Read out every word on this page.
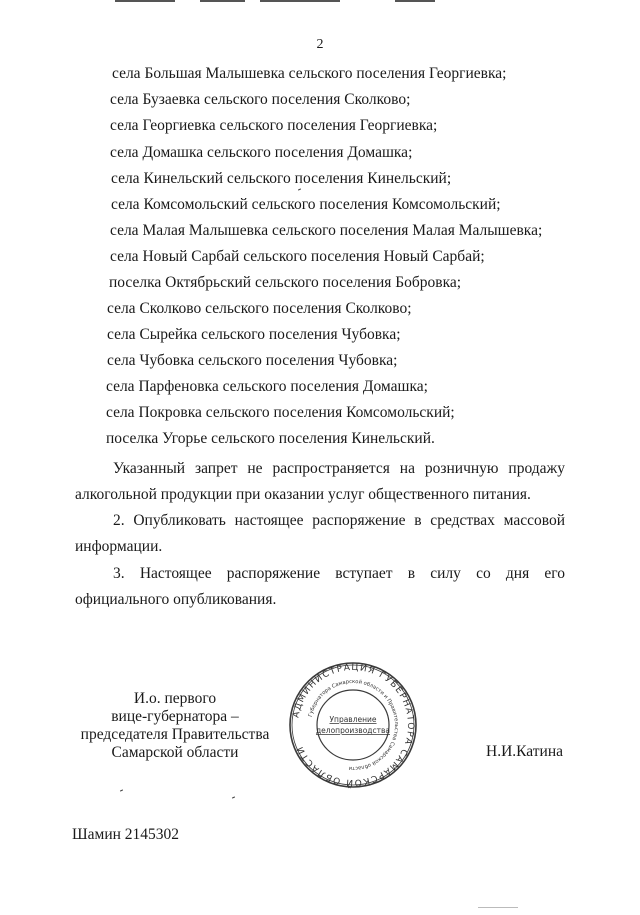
2
села Большая Малышевка сельского поселения Георгиевка;
села Бузаевка сельского поселения Сколково;
села Георгиевка сельского поселения Георгиевка;
села Домашка сельского поселения Домашка;
села Кинельский сельского поселения Кинельский;
села Комсомольский сельского поселения Комсомольский;
села Малая Малышевка сельского поселения Малая Малышевка;
села Новый Сарбай сельского поселения Новый Сарбай;
поселка Октябрьский сельского поселения Бобровка;
села Сколково сельского поселения Сколково;
села Сырейка сельского поселения Чубовка;
села Чубовка сельского поселения Чубовка;
села Парфеновка сельского поселения Домашка;
села Покровка сельского поселения Комсомольский;
поселка Угорье сельского поселения Кинельский.
Указанный запрет не распространяется на розничную продажу алкогольной продукции при оказании услуг общественного питания.
2. Опубликовать настоящее распоряжение в средствах массовой информации.
3. Настоящее распоряжение вступает в силу со дня его официального опубликования.
И.о. первого
вице-губернатора –
председателя Правительства
Самарской области
АДМИНИСТРАЦИЯ ГУБЕРНАТОРА САМАРСКОЙ ОБЛАСТИ
Губернатора Самарской области и Правительства Самарской области
Управление
делопроизводства
Н.И.Катина
Шамин 2145302
